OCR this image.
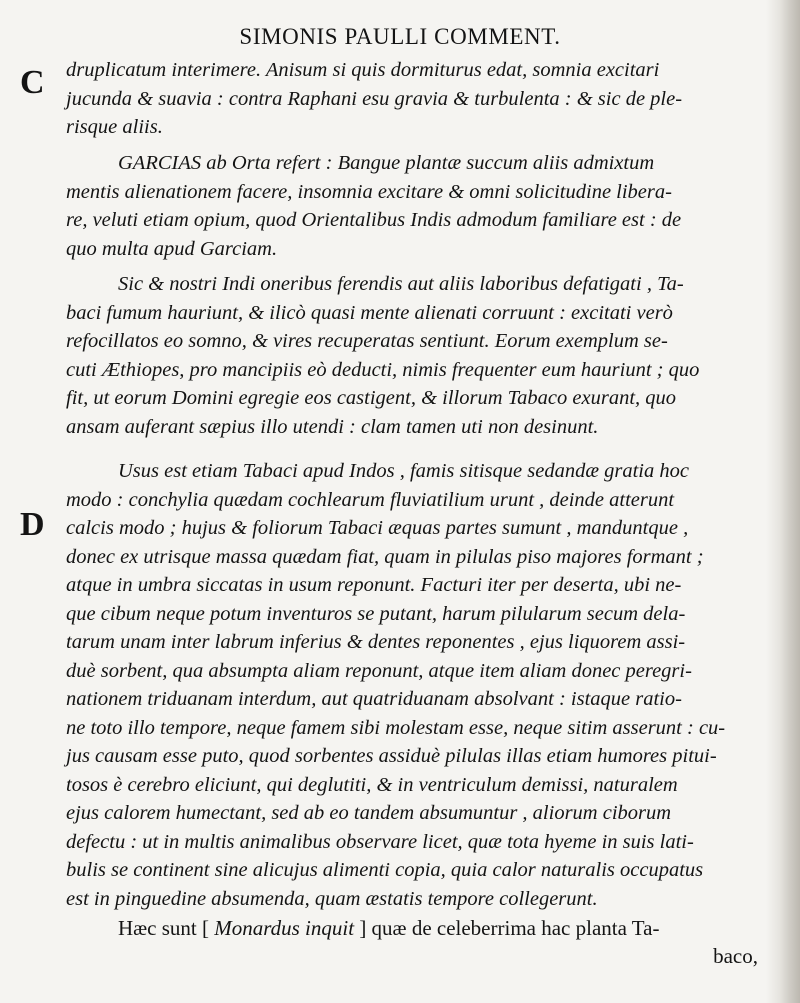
SIMONIS PAULLI COMMENT.
C
D
druplicatum interimere. Anisum si quis dormiturus edat, somnia excitari
jucunda & suavia : contra Raphani esu gravia & turbulenta : & sic de ple-
risque aliis.
GARCIAS ab Orta refert : Bangue plantæ succum aliis admixtum
mentis alienationem facere, insomnia excitare & omni solicitudine libera-
re, veluti etiam opium, quod Orientalibus Indis admodum familiare est : de
quo multa apud Garciam.
Sic & nostri Indi oneribus ferendis aut aliis laboribus defatigati , Ta-
baci fumum hauriunt, & ilicò quasi mente alienati corruunt : excitati verò
refocillatos eo somno, & vires recuperatas sentiunt. Eorum exemplum se-
cuti Æthiopes, pro mancipiis eò deducti, nimis frequenter eum hauriunt ; quo
fit, ut eorum Domini egregie eos castigent, & illorum Tabaco exurant, quo
ansam auferant sæpius illo utendi : clam tamen uti non desinunt.
Usus est etiam Tabaci apud Indos , famis sitisque sedandæ gratia hoc
modo : conchylia quædam cochlearum fluviatilium urunt , deinde atterunt
calcis modo ; hujus & foliorum Tabaci æquas partes sumunt , manduntque ,
donec ex utrisque massa quædam fiat, quam in pilulas piso majores formant ;
atque in umbra siccatas in usum reponunt. Facturi iter per deserta, ubi ne-
que cibum neque potum inventuros se putant, harum pilularum secum dela-
tarum unam inter labrum inferius & dentes reponentes , ejus liquorem assi-
duè sorbent, qua absumpta aliam reponunt, atque item aliam donec peregri-
nationem triduanam interdum, aut quatriduanam absolvant : istaque ratio-
ne toto illo tempore, neque famem sibi molestam esse, neque sitim asserunt : cu-
jus causam esse puto, quod sorbentes assiduè pilulas illas etiam humores pitui-
tosos è cerebro eliciunt, qui deglutiti, & in ventriculum demissi, naturalem
ejus calorem humectant, sed ab eo tandem absumuntur , aliorum ciborum
defectu : ut in multis animalibus observare licet, quæ tota hyeme in suis lati-
bulis se continent sine alicujus alimenti copia, quia calor naturalis occupatus
est in pinguedine absumenda, quam æstatis tempore collegerunt.
Hæc sunt [ Monardus inquit ] quæ de celeberrima hac planta Ta-
baco,
